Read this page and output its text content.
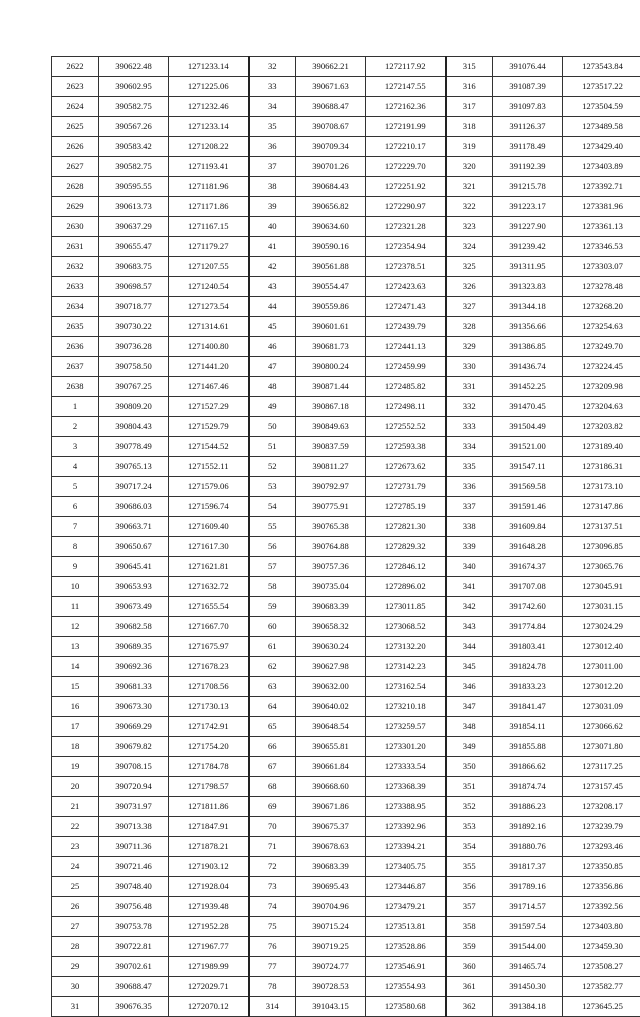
2622	390622.48	1271233.14	32	390662.21	1272117.92	315	391076.44	1273543.84
2623	390602.95	1271225.06	33	390671.63	1272147.55	316	391087.39	1273517.22
2624	390582.75	1271232.46	34	390688.47	1272162.36	317	391097.83	1273504.59
2625	390567.26	1271233.14	35	390708.67	1272191.99	318	391126.37	1273489.58
2626	390583.42	1271208.22	36	390709.34	1272210.17	319	391178.49	1273429.40
2627	390582.75	1271193.41	37	390701.26	1272229.70	320	391192.39	1273403.89
2628	390595.55	1271181.96	38	390684.43	1272251.92	321	391215.78	1273392.71
2629	390613.73	1271171.86	39	390656.82	1272290.97	322	391223.17	1273381.96
2630	390637.29	1271167.15	40	390634.60	1272321.28	323	391227.90	1273361.13
2631	390655.47	1271179.27	41	390590.16	1272354.94	324	391239.42	1273346.53
2632	390683.75	1271207.55	42	390561.88	1272378.51	325	391311.95	1273303.07
2633	390698.57	1271240.54	43	390554.47	1272423.63	326	391323.83	1273278.48
2634	390718.77	1271273.54	44	390559.86	1272471.43	327	391344.18	1273268.20
2635	390730.22	1271314.61	45	390601.61	1272439.79	328	391356.66	1273254.63
2636	390736.28	1271400.80	46	390681.73	1272441.13	329	391386.85	1273249.70
2637	390758.50	1271441.20	47	390800.24	1272459.99	330	391436.74	1273224.45
2638	390767.25	1271467.46	48	390871.44	1272485.82	331	391452.25	1273209.98
1	390809.20	1271527.29	49	390867.18	1272498.11	332	391470.45	1273204.63
2	390804.43	1271529.79	50	390849.63	1272552.52	333	391504.49	1273203.82
3	390778.49	1271544.52	51	390837.59	1272593.38	334	391521.00	1273189.40
4	390765.13	1271552.11	52	390811.27	1272673.62	335	391547.11	1273186.31
5	390717.24	1271579.06	53	390792.97	1272731.79	336	391569.58	1273173.10
6	390686.03	1271596.74	54	390775.91	1272785.19	337	391591.46	1273147.86
7	390663.71	1271609.40	55	390765.38	1272821.30	338	391609.84	1273137.51
8	390650.67	1271617.30	56	390764.88	1272829.32	339	391648.28	1273096.85
9	390645.41	1271621.81	57	390757.36	1272846.12	340	391674.37	1273065.76
10	390653.93	1271632.72	58	390735.04	1272896.02	341	391707.08	1273045.91
11	390673.49	1271655.54	59	390683.39	1273011.85	342	391742.60	1273031.15
12	390682.58	1271667.70	60	390658.32	1273068.52	343	391774.84	1273024.29
13	390689.35	1271675.97	61	390630.24	1273132.20	344	391803.41	1273012.40
14	390692.36	1271678.23	62	390627.98	1273142.23	345	391824.78	1273011.00
15	390681.33	1271708.56	63	390632.00	1273162.54	346	391833.23	1273012.20
16	390673.30	1271730.13	64	390640.02	1273210.18	347	391841.47	1273031.09
17	390669.29	1271742.91	65	390648.54	1273259.57	348	391854.11	1273066.62
18	390679.82	1271754.20	66	390655.81	1273301.20	349	391855.88	1273071.80
19	390708.15	1271784.78	67	390661.84	1273333.54	350	391866.62	1273117.25
20	390720.94	1271798.57	68	390668.60	1273368.39	351	391874.74	1273157.45
21	390731.97	1271811.86	69	390671.86	1273388.95	352	391886.23	1273208.17
22	390713.38	1271847.91	70	390675.37	1273392.96	353	391892.16	1273239.79
23	390711.36	1271878.21	71	390678.63	1273394.21	354	391880.76	1273293.46
24	390721.46	1271903.12	72	390683.39	1273405.75	355	391817.37	1273350.85
25	390748.40	1271928.04	73	390695.43	1273446.87	356	391789.16	1273356.86
26	390756.48	1271939.48	74	390704.96	1273479.21	357	391714.57	1273392.56
27	390753.78	1271952.28	75	390715.24	1273513.81	358	391597.54	1273403.80
28	390722.81	1271967.77	76	390719.25	1273528.86	359	391544.00	1273459.30
29	390702.61	1271989.99	77	390724.77	1273546.91	360	391465.74	1273508.27
30	390688.47	1272029.71	78	390728.53	1273554.93	361	391450.30	1273582.77
31	390676.35	1272070.12	314	391043.15	1273580.68	362	391384.18	1273645.25
